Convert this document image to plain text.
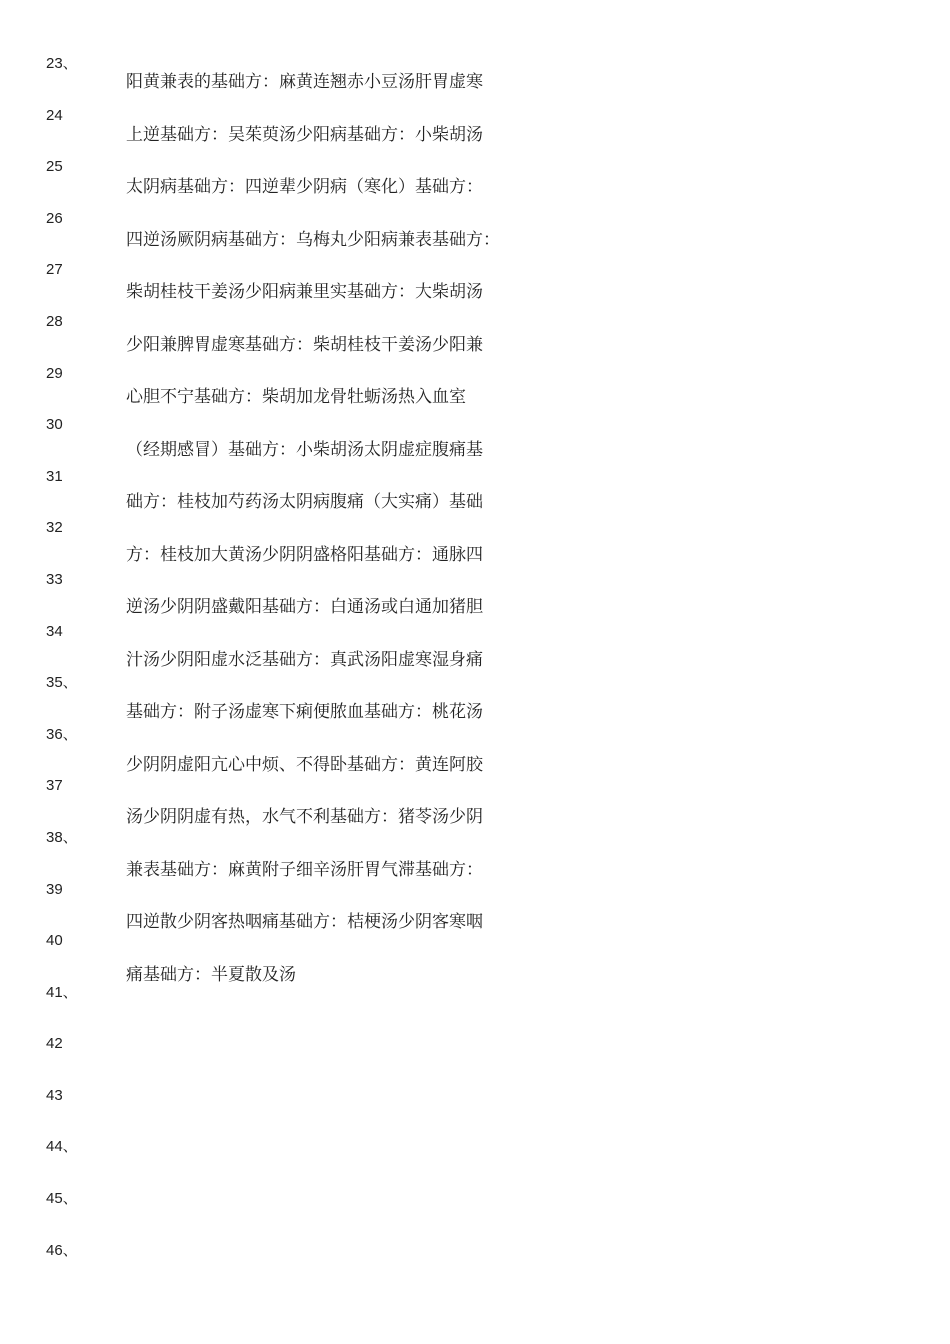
23、
24
25
26
27
28
29
30
31
32
33
34
35、
36、
37
38、
39
40
41、
42
43
44、
45、
46、
阳黄兼表的基础方：麻黄连翘赤小豆汤肝胃虚寒
上逆基础方：吴茱萸汤少阳病基础方：小柴胡汤
太阴病基础方：四逆辈少阴病（寒化）基础方：
四逆汤厥阴病基础方：乌梅丸少阳病兼表基础方：
柴胡桂枝干姜汤少阳病兼里实基础方：大柴胡汤
少阳兼脾胃虚寒基础方：柴胡桂枝干姜汤少阳兼
心胆不宁基础方：柴胡加龙骨牡蛎汤热入血室
（经期感冒）基础方：小柴胡汤太阴虚症腹痛基
础方：桂枝加芍药汤太阴病腹痛（大实痛）基础
方：桂枝加大黄汤少阴阴盛格阳基础方：通脉四
逆汤少阴阴盛戴阳基础方：白通汤或白通加猪胆
汁汤少阴阳虚水泛基础方：真武汤阳虚寒湿身痛
基础方：附子汤虚寒下痢便脓血基础方：桃花汤
少阴阴虚阳亢心中烦、不得卧基础方：黄连阿胶
汤少阴阴虚有热，水气不利基础方：猪苓汤少阴
兼表基础方：麻黄附子细辛汤肝胃气滞基础方：
四逆散少阴客热咽痛基础方：桔梗汤少阴客寒咽
痛基础方：半夏散及汤
